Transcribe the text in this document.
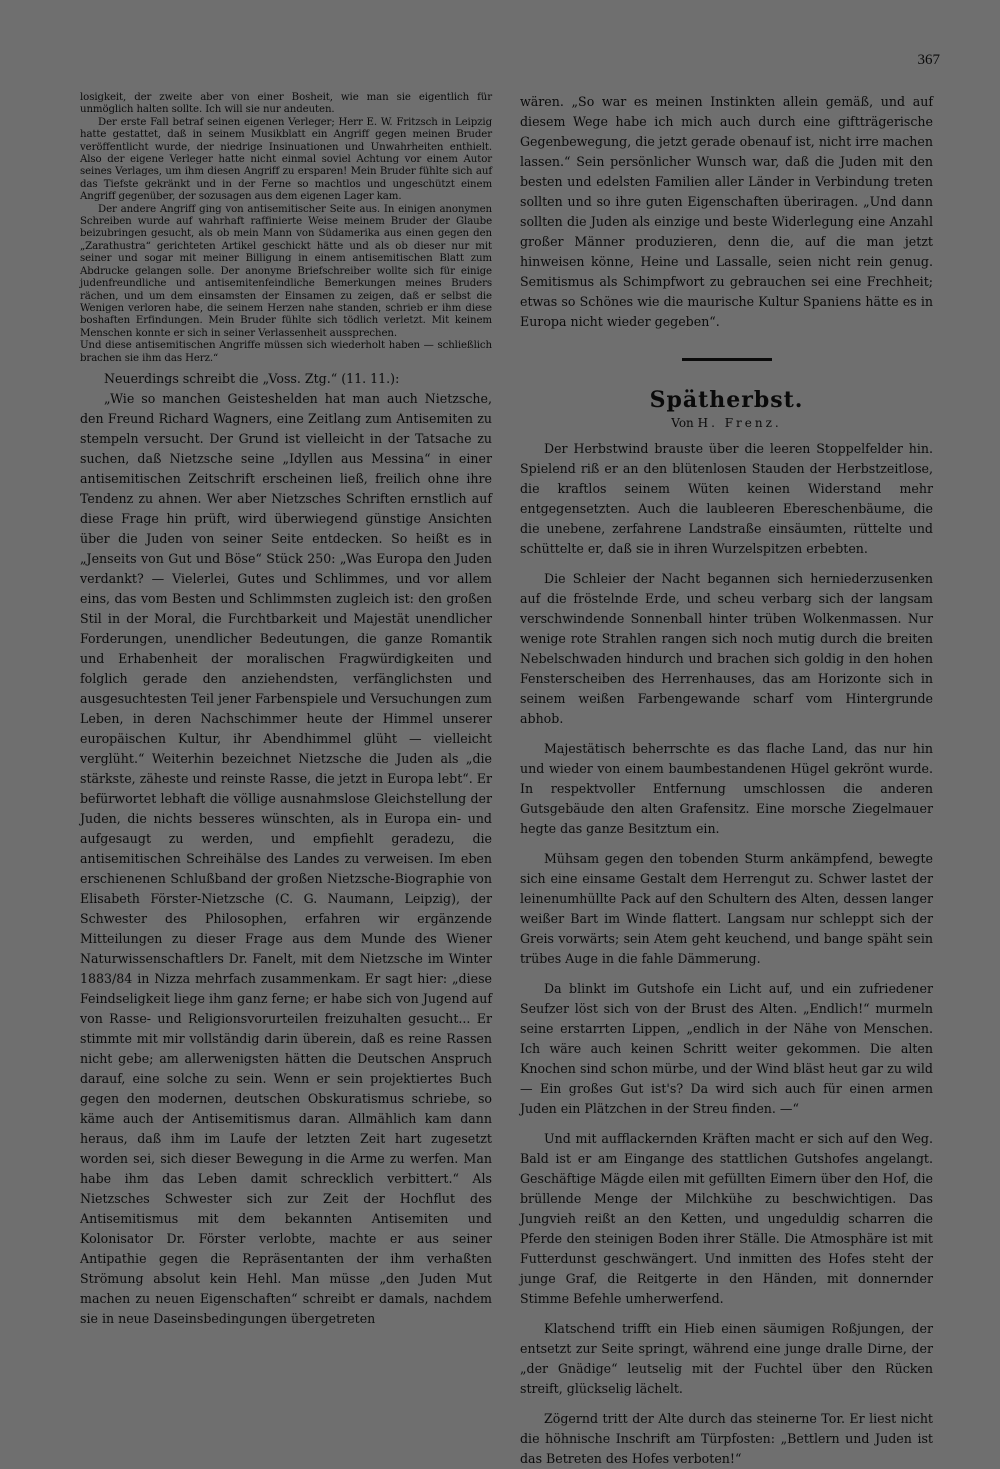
367

losigkeit, der zweite aber von einer Bosheit, wie man sie eigentlich für unmöglich halten sollte. Ich will sie nur andeuten.

Der erste Fall betraf seinen eigenen Verleger; Herr E. W. Fritzsch in Leipzig hatte gestattet, daß in seinem Musikblatt ein Angriff gegen meinen Bruder veröffentlicht wurde, der niedrige Insinuationen und Unwahrheiten enthielt. Also der eigene Verleger hatte nicht einmal soviel Achtung vor einem Autor seines Verlages, um ihm diesen Angriff zu ersparen! Mein Bruder fühlte sich auf das Tiefste gekränkt und in der Ferne so machtlos und ungeschützt einem Angriff gegenüber, der sozusagen aus dem eigenen Lager kam.

Der andere Angriff ging von antisemitischer Seite aus. In einigen anonymen Schreiben wurde auf wahrhaft raffinierte Weise meinem Bruder der Glaube beizubringen gesucht, als ob mein Mann von Südamerika aus einen gegen den „Zarathustra“ gerichteten Artikel geschickt hätte und als ob dieser nur mit seiner und sogar mit meiner Billigung in einem antisemitischen Blatt zum Abdrucke gelangen solle. Der anonyme Briefschreiber wollte sich für einige judenfreundliche und antisemitenfeindliche Bemerkungen meines Bruders rächen, und um dem einsamsten der Einsamen zu zeigen, daß er selbst die Wenigen verloren habe, die seinem Herzen nahe standen, schrieb er ihm diese boshaften Erfindungen. Mein Bruder fühlte sich tödlich verletzt. Mit keinem Menschen konnte er sich in seiner Verlassenheit aussprechen.

Und diese antisemitischen Angriffe müssen sich wiederholt haben — schließlich brachen sie ihm das Herz.“

Neuerdings schreibt die „Voss. Ztg.“ (11. 11.):

„Wie so manchen Geisteshelden hat man auch Nietzsche, den Freund Richard Wagners, eine Zeitlang zum Antisemiten zu stempeln versucht. Der Grund ist vielleicht in der Tatsache zu suchen, daß Nietzsche seine „Idyllen aus Messina“ in einer antisemitischen Zeitschrift erscheinen ließ, freilich ohne ihre Tendenz zu ahnen. Wer aber Nietzsches Schriften ernstlich auf diese Frage hin prüft, wird überwiegend günstige Ansichten über die Juden von seiner Seite entdecken. So heißt es in „Jenseits von Gut und Böse“ Stück 250: „Was Europa den Juden verdankt? — Vielerlei, Gutes und Schlimmes, und vor allem eins, das vom Besten und Schlimmsten zugleich ist: den großen Stil in der Moral, die Furchtbarkeit und Majestät unendlicher Forderungen, unendlicher Bedeutungen, die ganze Romantik und Erhabenheit der moralischen Fragwürdigkeiten und folglich gerade den anziehendsten, verfänglichsten und ausgesuchtesten Teil jener Farbenspiele und Versuchungen zum Leben, in deren Nachschimmer heute der Himmel unserer europäischen Kultur, ihr Abendhimmel glüht — vielleicht verglüht.“ Weiterhin bezeichnet Nietzsche die Juden als „die stärkste, zäheste und reinste Rasse, die jetzt in Europa lebt“. Er befürwortet lebhaft die völlige ausnahmslose Gleichstellung der Juden, die nichts besseres wünschten, als in Europa ein- und aufgesaugt zu werden, und empfiehlt geradezu, die antisemitischen Schreihälse des Landes zu verweisen. Im eben erschienenen Schlußband der großen Nietzsche-Biographie von Elisabeth Förster-Nietzsche (C. G. Naumann, Leipzig), der Schwester des Philosophen, erfahren wir ergänzende Mitteilungen zu dieser Frage aus dem Munde des Wiener Naturwissenschaftlers Dr. Fanelt, mit dem Nietzsche im Winter 1883/84 in Nizza mehrfach zusammenkam. Er sagt hier: „diese Feindseligkeit liege ihm ganz ferne; er habe sich von Jugend auf von Rasse- und Religionsvorurteilen freizuhalten gesucht... Er stimmte mit mir vollständig darin überein, daß es reine Rassen nicht gebe; am allerwenigsten hätten die Deutschen Anspruch darauf, eine solche zu sein. Wenn er sein projektiertes Buch gegen den modernen, deutschen Obskuratismus schriebe, so käme auch der Antisemitismus daran. Allmählich kam dann heraus, daß ihm im Laufe der letzten Zeit hart zugesetzt worden sei, sich dieser Bewegung in die Arme zu werfen. Man habe ihm das Leben damit schrecklich verbittert.“ Als Nietzsches Schwester sich zur Zeit der Hochflut des Antisemitismus mit dem bekannten Antisemiten und Kolonisator Dr. Förster verlobte, machte er aus seiner Antipathie gegen die Repräsentanten der ihm verhaßten Strömung absolut kein Hehl. Man müsse „den Juden Mut machen zu neuen Eigenschaften“ schreibt er damals, nachdem sie in neue Daseinsbedingungen übergetreten

wären. „So war es meinen Instinkten allein gemäß, und auf diesem Wege habe ich mich auch durch eine giftträgerische Gegenbewegung, die jetzt gerade obenauf ist, nicht irre machen lassen.“ Sein persönlicher Wunsch war, daß die Juden mit den besten und edelsten Familien aller Länder in Verbindung treten sollten und so ihre guten Eigenschaften überiragen. „Und dann sollten die Juden als einzige und beste Widerlegung eine Anzahl großer Männer produzieren, denn die, auf die man jetzt hinweisen könne, Heine und Lassalle, seien nicht rein genug. Semitismus als Schimpfwort zu gebrauchen sei eine Frechheit; etwas so Schönes wie die maurische Kultur Spaniens hätte es in Europa nicht wieder gegeben“.

Spätherbst.
Von H. Frenz.

Der Herbstwind brauste über die leeren Stoppelfelder hin. Spielend riß er an den blütenlosen Stauden der Herbstzeitlose, die kraftlos seinem Wüten keinen Widerstand mehr entgegensetzten. Auch die laubleeren Ebereschenbäume, die die unebene, zerfahrene Landstraße einsäumten, rüttelte und schüttelte er, daß sie in ihren Wurzelspitzen erbebten.

Die Schleier der Nacht begannen sich herniederzusenken auf die fröstelnde Erde, und scheu verbarg sich der langsam verschwindende Sonnenball hinter trüben Wolkenmassen. Nur wenige rote Strahlen rangen sich noch mutig durch die breiten Nebelschwaden hindurch und brachen sich goldig in den hohen Fensterscheiben des Herrenhauses, das am Horizonte sich in seinem weißen Farbengewande scharf vom Hintergrunde abhob.

Majestätisch beherrschte es das flache Land, das nur hin und wieder von einem baumbestandenen Hügel gekrönt wurde. In respektvoller Entfernung umschlossen die anderen Gutsgebäude den alten Grafensitz. Eine morsche Ziegelmauer hegte das ganze Besitztum ein.

Mühsam gegen den tobenden Sturm ankämpfend, bewegte sich eine einsame Gestalt dem Herrengut zu. Schwer lastet der leinenumhüllte Pack auf den Schultern des Alten, dessen langer weißer Bart im Winde flattert. Langsam nur schleppt sich der Greis vorwärts; sein Atem geht keuchend, und bange späht sein trübes Auge in die fahle Dämmerung.

Da blinkt im Gutshofe ein Licht auf, und ein zufriedener Seufzer löst sich von der Brust des Alten. „Endlich!“ murmeln seine erstarrten Lippen, „endlich in der Nähe von Menschen. Ich wäre auch keinen Schritt weiter gekommen. Die alten Knochen sind schon mürbe, und der Wind bläst heut gar zu wild — Ein großes Gut ist's? Da wird sich auch für einen armen Juden ein Plätzchen in der Streu finden. —“

Und mit aufflackernden Kräften macht er sich auf den Weg. Bald ist er am Eingange des stattlichen Gutshofes angelangt. Geschäftige Mägde eilen mit gefüllten Eimern über den Hof, die brüllende Menge der Milchkühe zu beschwichtigen. Das Jungvieh reißt an den Ketten, und ungeduldig scharren die Pferde den steinigen Boden ihrer Ställe. Die Atmosphäre ist mit Futterdunst geschwängert. Und inmitten des Hofes steht der junge Graf, die Reitgerte in den Händen, mit donnernder Stimme Befehle umherwerfend.

Klatschend trifft ein Hieb einen säumigen Roßjungen, der entsetzt zur Seite springt, während eine junge dralle Dirne, der „der Gnädige“ leutselig mit der Fuchtel über den Rücken streift, glückselig lächelt.

Zögernd tritt der Alte durch das steinerne Tor. Er liest nicht die höhnische Inschrift am Türpfosten: „Bettlern und Juden ist das Betreten des Hofes verboten!“
